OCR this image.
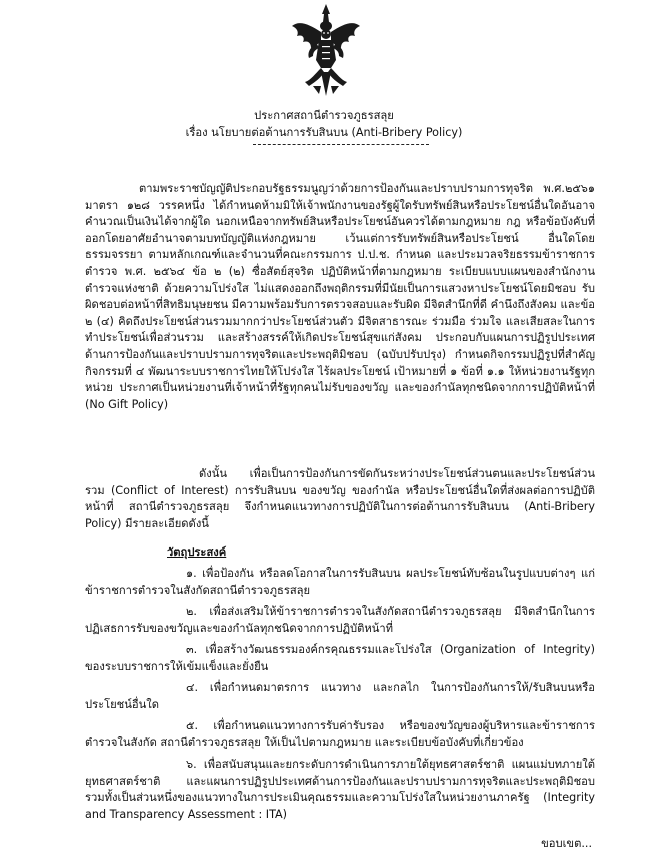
ประกาศสถานีตำรวจภูธรสลุย
เรื่อง นโยบายต่อต้านการรับสินบน (Anti-Bribery Policy)

ตามพระราชบัญญัติประกอบรัฐธรรมนูญว่าด้วยการป้องกันและปราบปรามการทุจริต พ.ศ.๒๕๖๑ มาตรา ๑๒๘ วรรคหนึ่ง ได้กำหนดห้ามมิให้เจ้าพนักงานของรัฐผู้ใดรับทรัพย์สินหรือประโยชน์อื่นใดอันอาจคำนวณเป็นเงินได้จากผู้ใด นอกเหนือจากทรัพย์สินหรือประโยชน์อันควรได้ตามกฎหมาย กฎ หรือข้อบังคับที่ออกโดยอาศัยอำนาจตามบทบัญญัติแห่งกฎหมาย เว้นแต่การรับทรัพย์สินหรือประโยชน์ อื่นใดโดยธรรมจรรยา ตามหลักเกณฑ์และจำนวนที่คณะกรรมการ ป.ป.ช. กำหนด และประมวลจริยธรรมข้าราชการตำรวจ พ.ศ. ๒๕๖๔ ข้อ ๒ (๒) ซื่อสัตย์สุจริต ปฏิบัติหน้าที่ตามกฎหมาย ระเบียบแบบแผนของสำนักงานตำรวจแห่งชาติ ด้วยความโปร่งใส ไม่แสดงออกถึงพฤติกรรมที่มีนัยเป็นการแสวงหาประโยชน์โดยมิชอบ รับผิดชอบต่อหน้าที่สิทธิมนุษยชน มีความพร้อมรับการตรวจสอบและรับผิด มีจิตสำนึกที่ดี คำนึงถึงสังคม และข้อ ๒ (๔) คิดถึงประโยชน์ส่วนรวมมากกว่าประโยชน์ส่วนตัว มีจิตสาธารณะ ร่วมมือ ร่วมใจ และเสียสละในการทำประโยชน์เพื่อส่วนรวม และสร้างสรรค์ให้เกิดประโยชน์สุขแก่สังคม ประกอบกับแผนการปฏิรูปประเทศด้านการป้องกันและปราบปรามการทุจริตและประพฤติมิชอบ (ฉบับปรับปรุง) กำหนดกิจกรรมปฏิรูปที่สำคัญ กิจกรรมที่ ๔ พัฒนาระบบราชการไทยให้โปร่งใส ไร้ผลประโยชน์ เป้าหมายที่ ๑ ข้อที่ ๑.๑ ให้หน่วยงานรัฐทุกหน่วย ประกาศเป็นหน่วยงานที่เจ้าหน้าที่รัฐทุกคนไม่รับของขวัญ และของกำนัลทุกชนิดจากการปฏิบัติหน้าที่ (No Gift Policy)

ดังนั้น เพื่อเป็นการป้องกันการขัดกันระหว่างประโยชน์ส่วนตนและประโยชน์ส่วนรวม (Conflict of Interest) การรับสินบน ของขวัญ ของกำนัล หรือประโยชน์อื่นใดที่ส่งผลต่อการปฏิบัติหน้าที่ สถานีตำรวจภูธรสลุย จึงกำหนดแนวทางการปฏิบัติในการต่อต้านการรับสินบน (Anti-Bribery Policy) มีรายละเอียดดังนี้

วัตถุประสงค์

๑. เพื่อป้องกัน หรือลดโอกาสในการรับสินบน ผลประโยชน์ทับซ้อนในรูปแบบต่างๆ แก่ข้าราชการตำรวจในสังกัดสถานีตำรวจภูธรสลุย

๒. เพื่อส่งเสริมให้ข้าราชการตำรวจในสังกัดสถานีตำรวจภูธรสลุย มีจิตสำนึกในการปฏิเสธการรับของขวัญและของกำนัลทุกชนิดจากการปฏิบัติหน้าที่

๓. เพื่อสร้างวัฒนธรรมองค์กรคุณธรรมและโปร่งใส (Organization of Integrity) ของระบบราชการให้เข้มแข็งและยั่งยืน

๔. เพื่อกำหนดมาตรการ แนวทาง และกลไก ในการป้องกันการให้/รับสินบนหรือประโยชน์อื่นใด

๕. เพื่อกำหนดแนวทางการรับค่ารับรอง หรือของขวัญของผู้บริหารและข้าราชการตำรวจในสังกัด สถานีตำรวจภูธรสลุย ให้เป็นไปตามกฎหมาย และระเบียบข้อบังคับที่เกี่ยวข้อง

๖. เพื่อสนับสนุนและยกระดับการดำเนินการภายใต้ยุทธศาสตร์ชาติ แผนแม่บทภายใต้ยุทธศาสตร์ชาติ และแผนการปฏิรูปประเทศด้านการป้องกันและปราบปรามการทุจริตและประพฤติมิชอบ รวมทั้งเป็นส่วนหนึ่งของแนวทางในการประเมินคุณธรรมและความโปร่งใสในหน่วยงานภาครัฐ (Integrity and Transparency Assessment : ITA)

ขอบเขต...
